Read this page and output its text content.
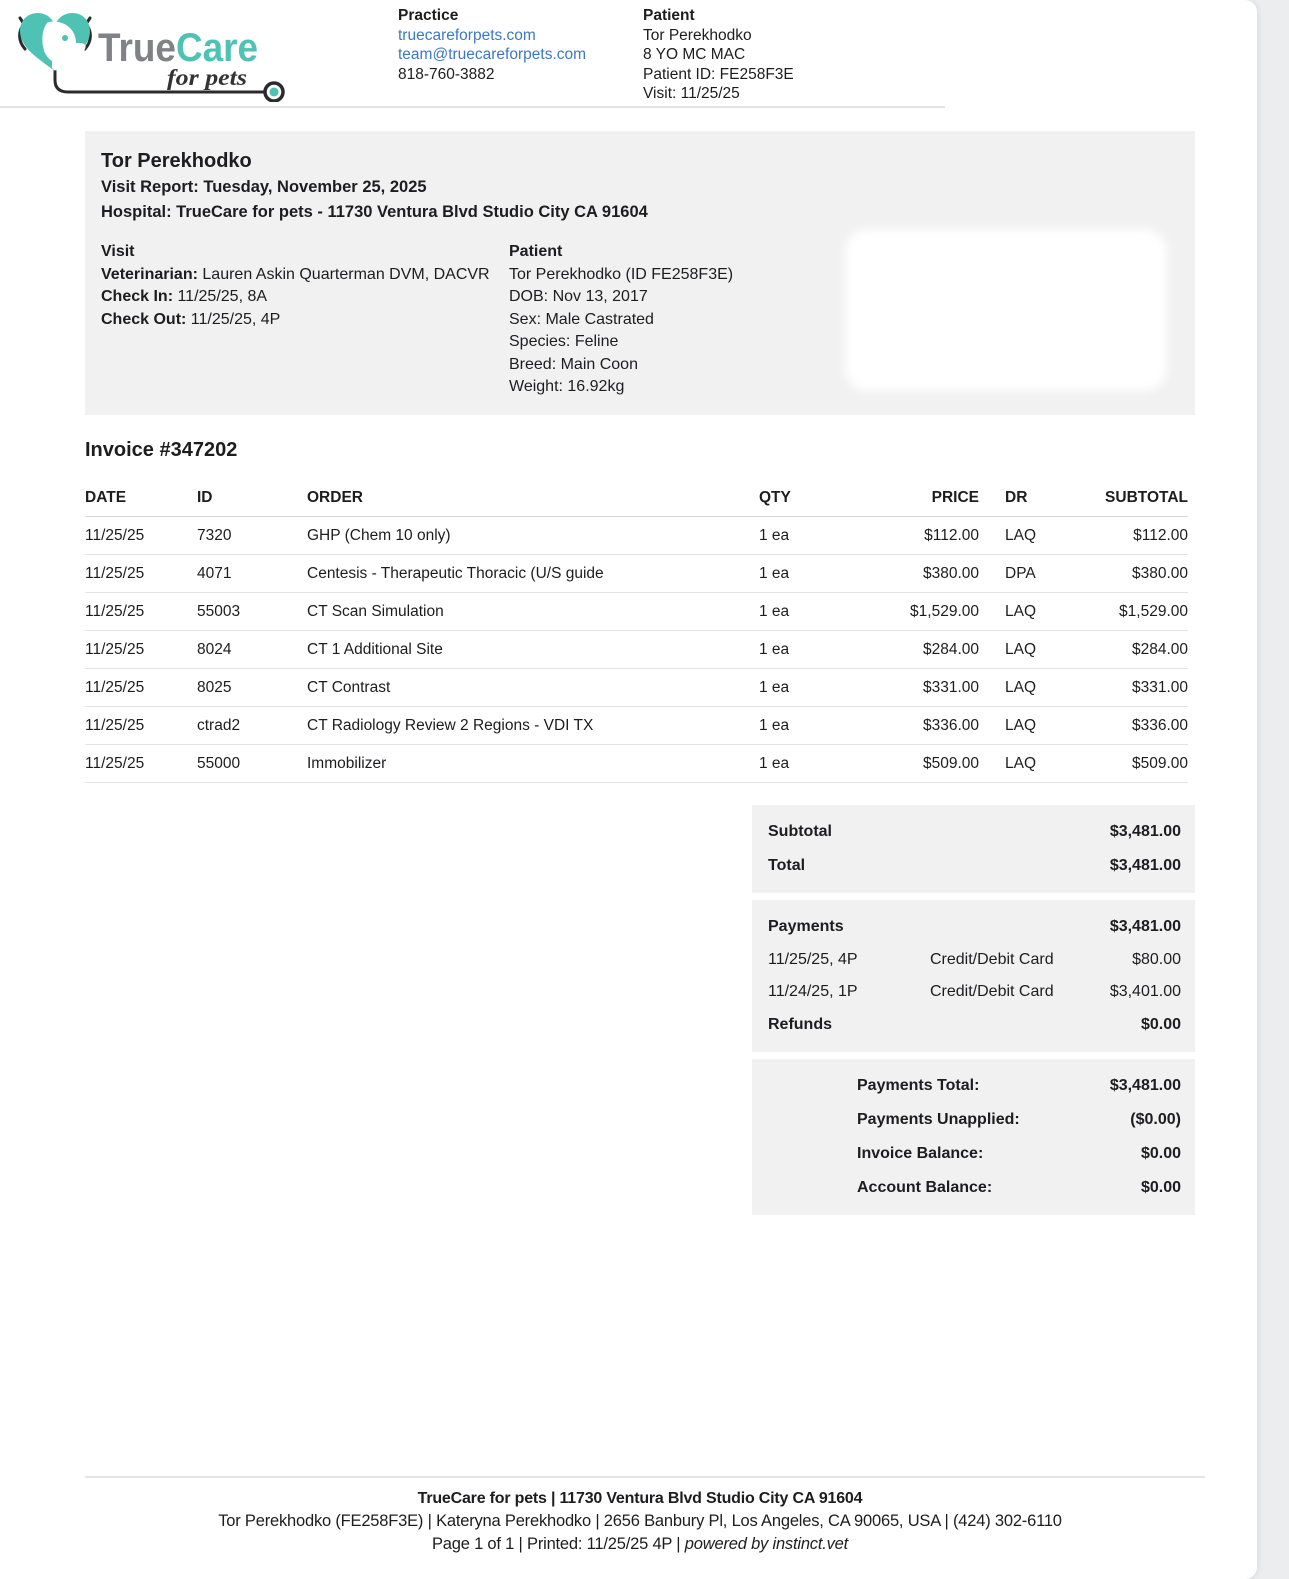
TrueCare
for pets
Practice
truecareforpets.com
team@truecareforpets.com
818-760-3882
Patient
Tor Perekhodko
8 YO MC MAC
Patient ID: FE258F3E
Visit: 11/25/25
Tor Perekhodko
Visit Report: Tuesday, November 25, 2025
Hospital: TrueCare for pets - 11730 Ventura Blvd Studio City CA 91604
Visit
Veterinarian: Lauren Askin Quarterman DVM, DACVR
Check In: 11/25/25, 8A
Check Out: 11/25/25, 4P
Patient
Tor Perekhodko (ID FE258F3E)
DOB: Nov 13, 2017
Sex: Male Castrated
Species: Feline
Breed: Main Coon
Weight: 16.92kg
Invoice #347202
DATE	ID	ORDER	QTY	PRICE	DR	SUBTOTAL
11/25/25	7320	GHP (Chem 10 only)	1 ea	$112.00	LAQ	$112.00
11/25/25	4071	Centesis - Therapeutic Thoracic (U/S guide	1 ea	$380.00	DPA	$380.00
11/25/25	55003	CT Scan Simulation	1 ea	$1,529.00	LAQ	$1,529.00
11/25/25	8024	CT 1 Additional Site	1 ea	$284.00	LAQ	$284.00
11/25/25	8025	CT Contrast	1 ea	$331.00	LAQ	$331.00
11/25/25	ctrad2	CT Radiology Review 2 Regions - VDI TX	1 ea	$336.00	LAQ	$336.00
11/25/25	55000	Immobilizer	1 ea	$509.00	LAQ	$509.00
Subtotal	$3,481.00
Total	$3,481.00
Payments	$3,481.00
11/25/25, 4P	Credit/Debit Card	$80.00
11/24/25, 1P	Credit/Debit Card	$3,401.00
Refunds	$0.00
Payments Total:	$3,481.00
Payments Unapplied:	($0.00)
Invoice Balance:	$0.00
Account Balance:	$0.00
TrueCare for pets | 11730 Ventura Blvd Studio City CA 91604
Tor Perekhodko (FE258F3E) | Kateryna Perekhodko | 2656 Banbury Pl, Los Angeles, CA 90065, USA | (424) 302-6110
Page 1 of 1 | Printed: 11/25/25 4P | powered by instinct.vet
